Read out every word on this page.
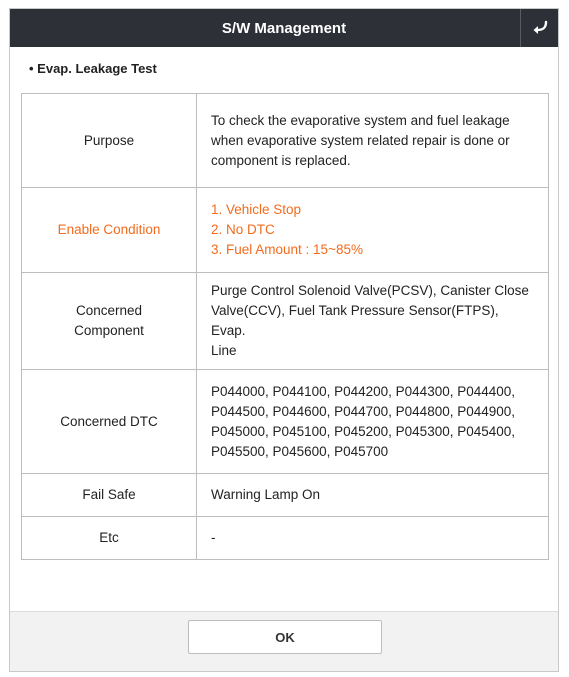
S/W Management
• Evap. Leakage Test
Purpose	To check the evaporative system and fuel leakage
when evaporative system related repair is done or
component is replaced.

Enable Condition	1. Vehicle Stop
2. No DTC
3. Fuel Amount : 15~85%

Concerned
Component	Purge Control Solenoid Valve(PCSV), Canister Close
Valve(CCV), Fuel Tank Pressure Sensor(FTPS), Evap.
Line

Concerned DTC	P044000, P044100, P044200, P044300, P044400,
P044500, P044600, P044700, P044800, P044900,
P045000, P045100, P045200, P045300, P045400,
P045500, P045600, P045700

Fail Safe	Warning Lamp On
Etc	-
OK
